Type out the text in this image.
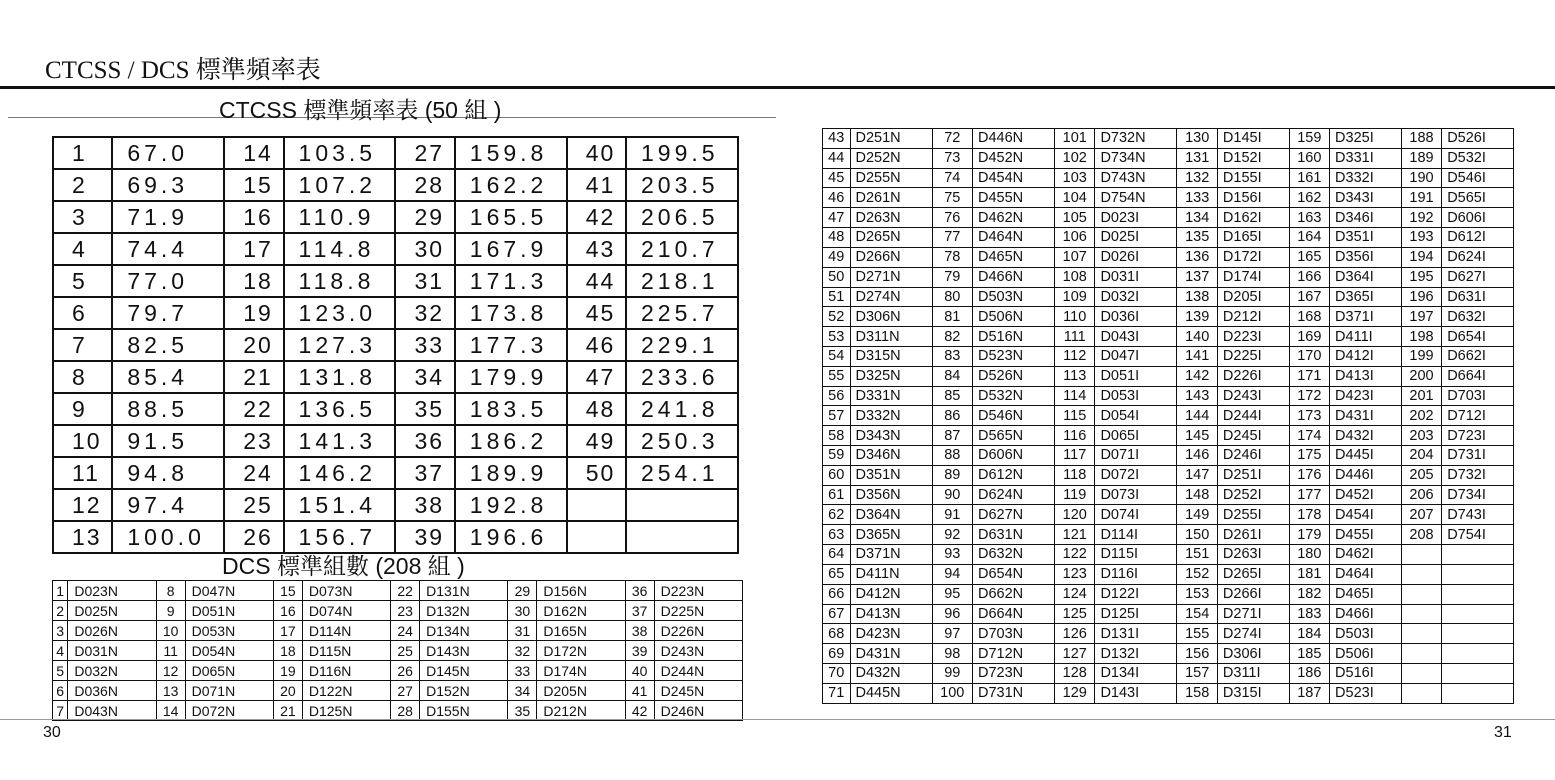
CTCSS / DCS 標準頻率表
CTCSS 標準頻率表 (50 組 )
1	67.0	14	103.5	27	159.8	40	199.5
2	69.3	15	107.2	28	162.2	41	203.5
3	71.9	16	110.9	29	165.5	42	206.5
4	74.4	17	114.8	30	167.9	43	210.7
5	77.0	18	118.8	31	171.3	44	218.1
6	79.7	19	123.0	32	173.8	45	225.7
7	82.5	20	127.3	33	177.3	46	229.1
8	85.4	21	131.8	34	179.9	47	233.6
9	88.5	22	136.5	35	183.5	48	241.8
10	91.5	23	141.3	36	186.2	49	250.3
11	94.8	24	146.2	37	189.9	50	254.1
12	97.4	25	151.4	38	192.8		
13	100.0	26	156.7	39	196.6		
DCS 標準組數 (208 組 )
1	D023N	8	D047N	15	D073N	22	D131N	29	D156N	36	D223N
2	D025N	9	D051N	16	D074N	23	D132N	30	D162N	37	D225N
3	D026N	10	D053N	17	D114N	24	D134N	31	D165N	38	D226N
4	D031N	11	D054N	18	D115N	25	D143N	32	D172N	39	D243N
5	D032N	12	D065N	19	D116N	26	D145N	33	D174N	40	D244N
6	D036N	13	D071N	20	D122N	27	D152N	34	D205N	41	D245N
7	D043N	14	D072N	21	D125N	28	D155N	35	D212N	42	D246N
43	D251N	72	D446N	101	D732N	130	D145I	159	D325I	188	D526I
44	D252N	73	D452N	102	D734N	131	D152I	160	D331I	189	D532I
45	D255N	74	D454N	103	D743N	132	D155I	161	D332I	190	D546I
46	D261N	75	D455N	104	D754N	133	D156I	162	D343I	191	D565I
47	D263N	76	D462N	105	D023I	134	D162I	163	D346I	192	D606I
48	D265N	77	D464N	106	D025I	135	D165I	164	D351I	193	D612I
49	D266N	78	D465N	107	D026I	136	D172I	165	D356I	194	D624I
50	D271N	79	D466N	108	D031I	137	D174I	166	D364I	195	D627I
51	D274N	80	D503N	109	D032I	138	D205I	167	D365I	196	D631I
52	D306N	81	D506N	110	D036I	139	D212I	168	D371I	197	D632I
53	D311N	82	D516N	111	D043I	140	D223I	169	D411I	198	D654I
54	D315N	83	D523N	112	D047I	141	D225I	170	D412I	199	D662I
55	D325N	84	D526N	113	D051I	142	D226I	171	D413I	200	D664I
56	D331N	85	D532N	114	D053I	143	D243I	172	D423I	201	D703I
57	D332N	86	D546N	115	D054I	144	D244I	173	D431I	202	D712I
58	D343N	87	D565N	116	D065I	145	D245I	174	D432I	203	D723I
59	D346N	88	D606N	117	D071I	146	D246I	175	D445I	204	D731I
60	D351N	89	D612N	118	D072I	147	D251I	176	D446I	205	D732I
61	D356N	90	D624N	119	D073I	148	D252I	177	D452I	206	D734I
62	D364N	91	D627N	120	D074I	149	D255I	178	D454I	207	D743I
63	D365N	92	D631N	121	D114I	150	D261I	179	D455I	208	D754I
64	D371N	93	D632N	122	D115I	151	D263I	180	D462I		
65	D411N	94	D654N	123	D116I	152	D265I	181	D464I		
66	D412N	95	D662N	124	D122I	153	D266I	182	D465I		
67	D413N	96	D664N	125	D125I	154	D271I	183	D466I		
68	D423N	97	D703N	126	D131I	155	D274I	184	D503I		
69	D431N	98	D712N	127	D132I	156	D306I	185	D506I		
70	D432N	99	D723N	128	D134I	157	D311I	186	D516I		
71	D445N	100	D731N	129	D143I	158	D315I	187	D523I		
30	31
